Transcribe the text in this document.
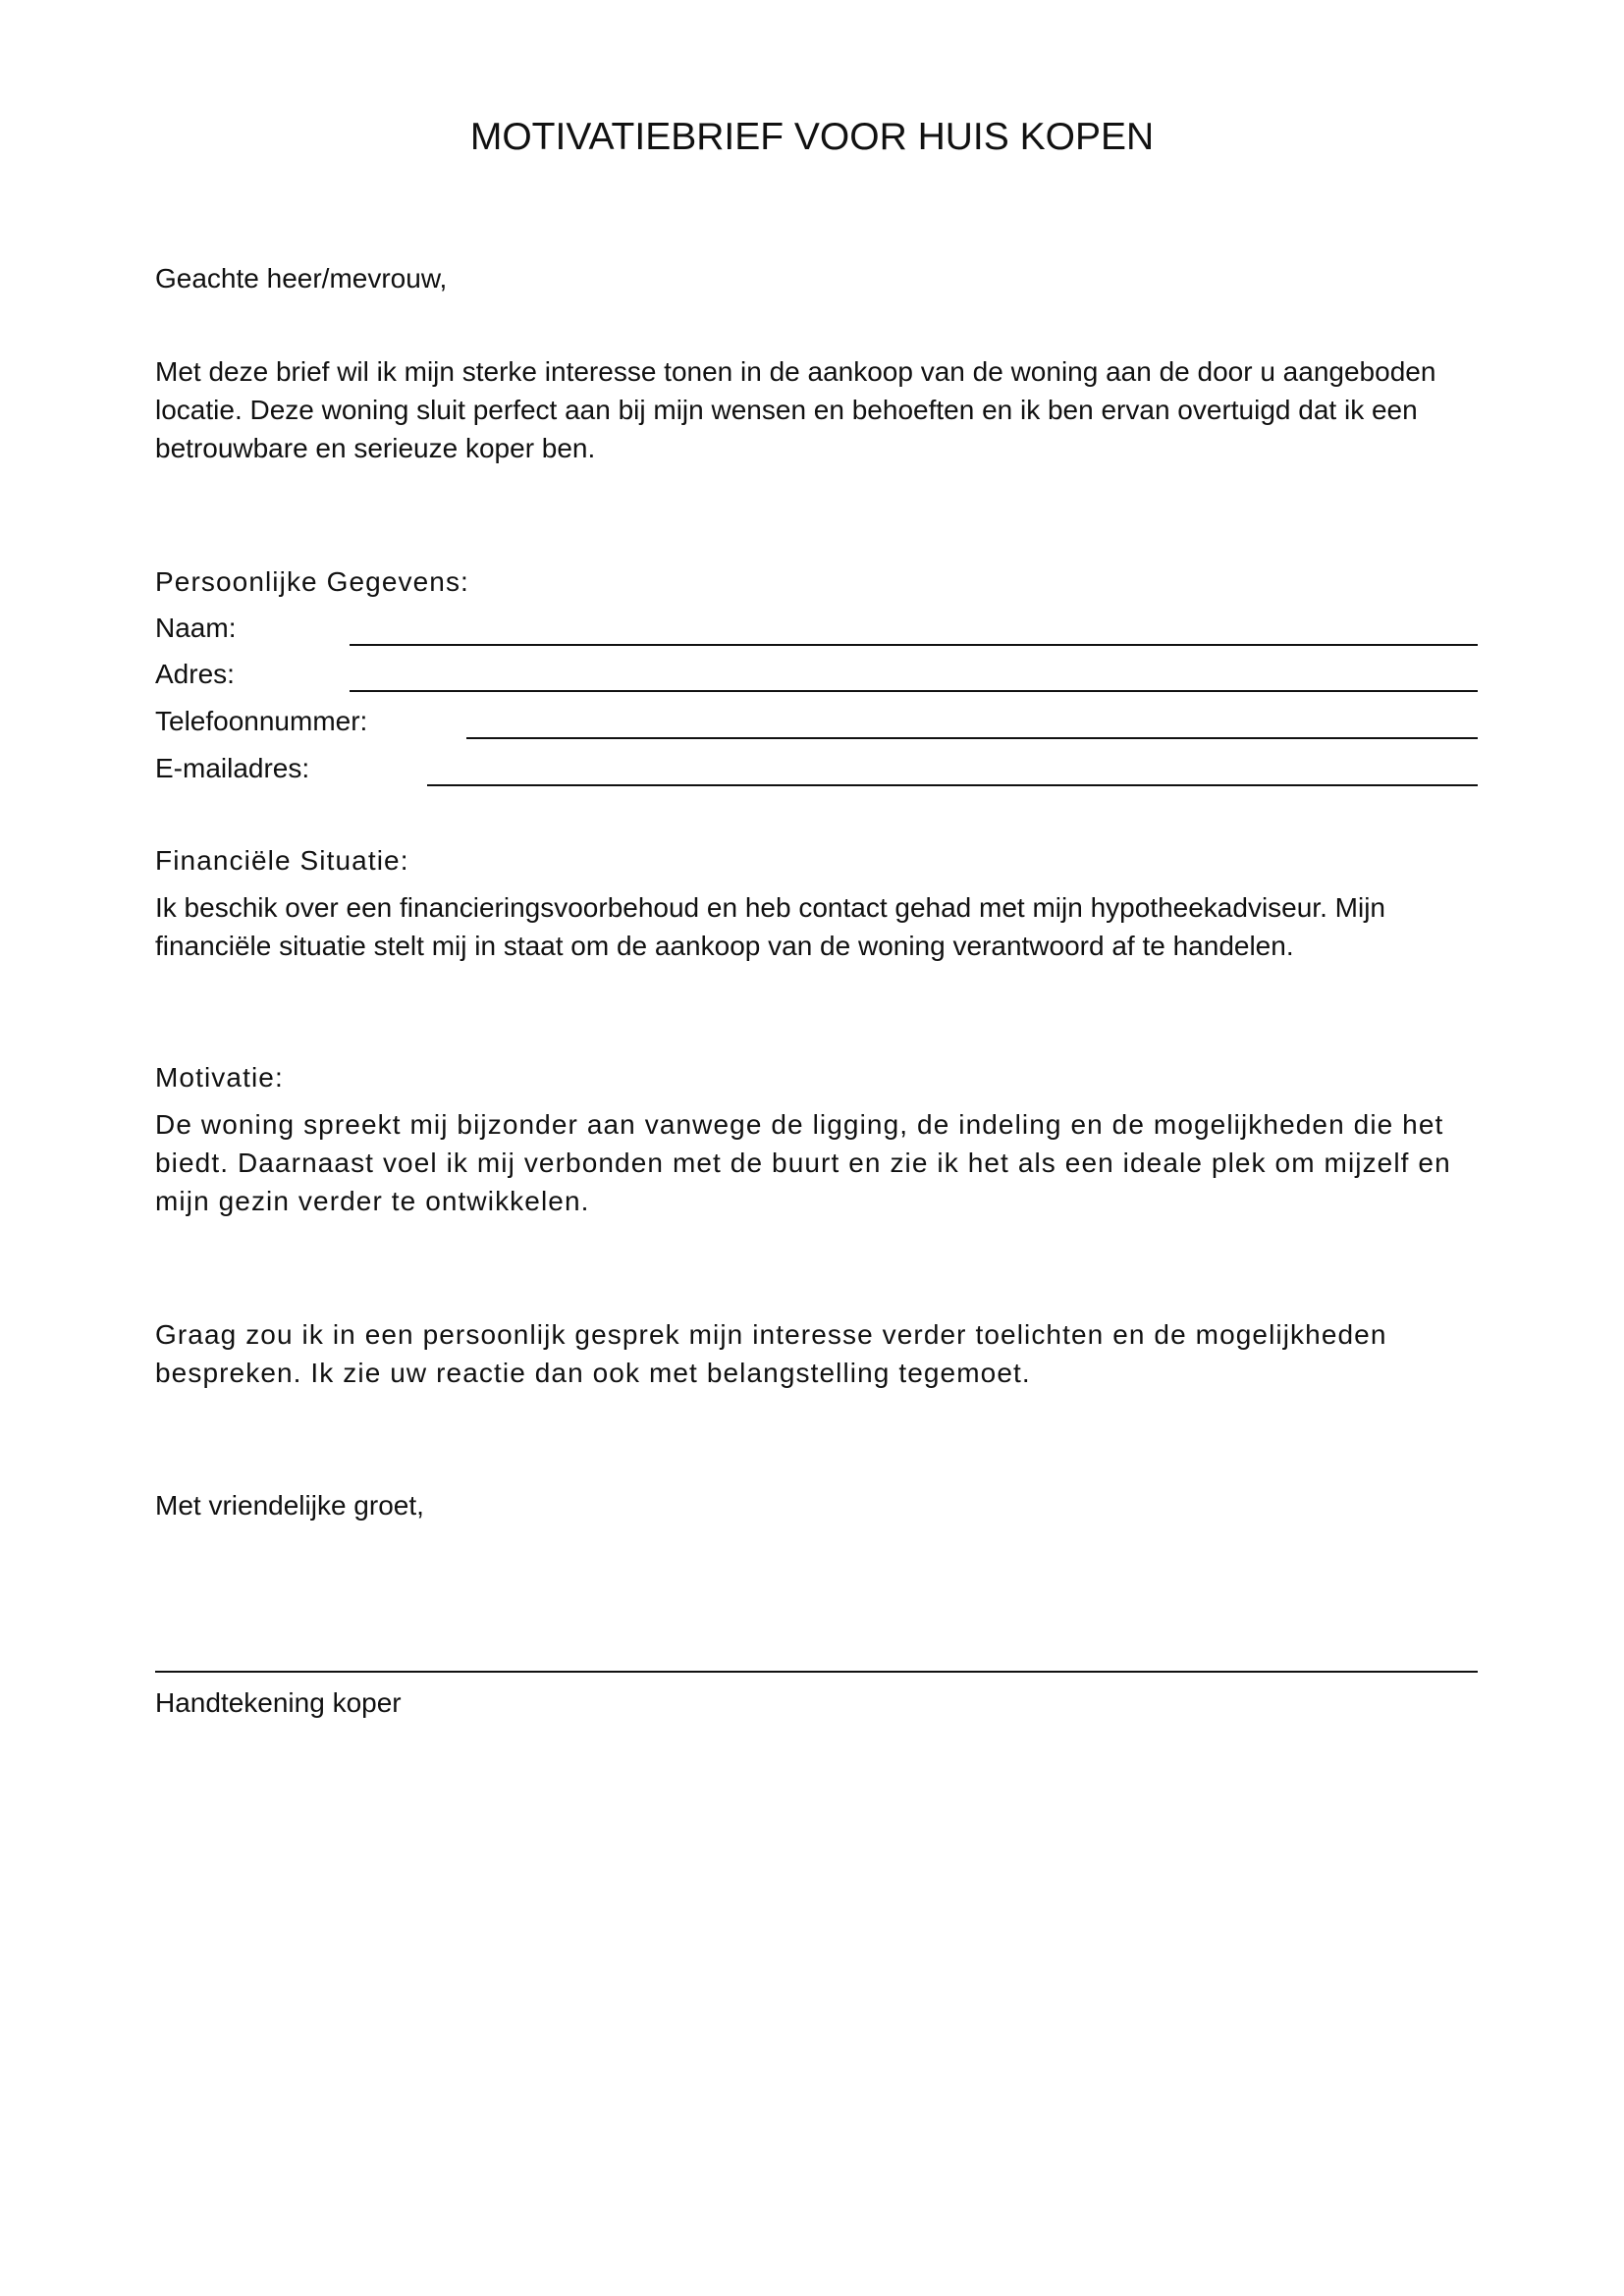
MOTIVATIEBRIEF VOOR HUIS KOPEN
Geachte heer/mevrouw,
Met deze brief wil ik mijn sterke interesse tonen in de aankoop van de woning aan de door u aangeboden
locatie. Deze woning sluit perfect aan bij mijn wensen en behoeften en ik ben ervan overtuigd dat ik een
betrouwbare en serieuze koper ben.
Persoonlijke Gegevens:
Naam:
Adres:
Telefoonnummer:
E-mailadres:
Financiële Situatie:
Ik beschik over een financieringsvoorbehoud en heb contact gehad met mijn hypotheekadviseur. Mijn
financiële situatie stelt mij in staat om de aankoop van de woning verantwoord af te handelen.
Motivatie:
De woning spreekt mij bijzonder aan vanwege de ligging, de indeling en de mogelijkheden die het
biedt. Daarnaast voel ik mij verbonden met de buurt en zie ik het als een ideale plek om mijzelf en
mijn gezin verder te ontwikkelen.
Graag zou ik in een persoonlijk gesprek mijn interesse verder toelichten en de mogelijkheden
bespreken. Ik zie uw reactie dan ook met belangstelling tegemoet.
Met vriendelijke groet,
Handtekening koper
